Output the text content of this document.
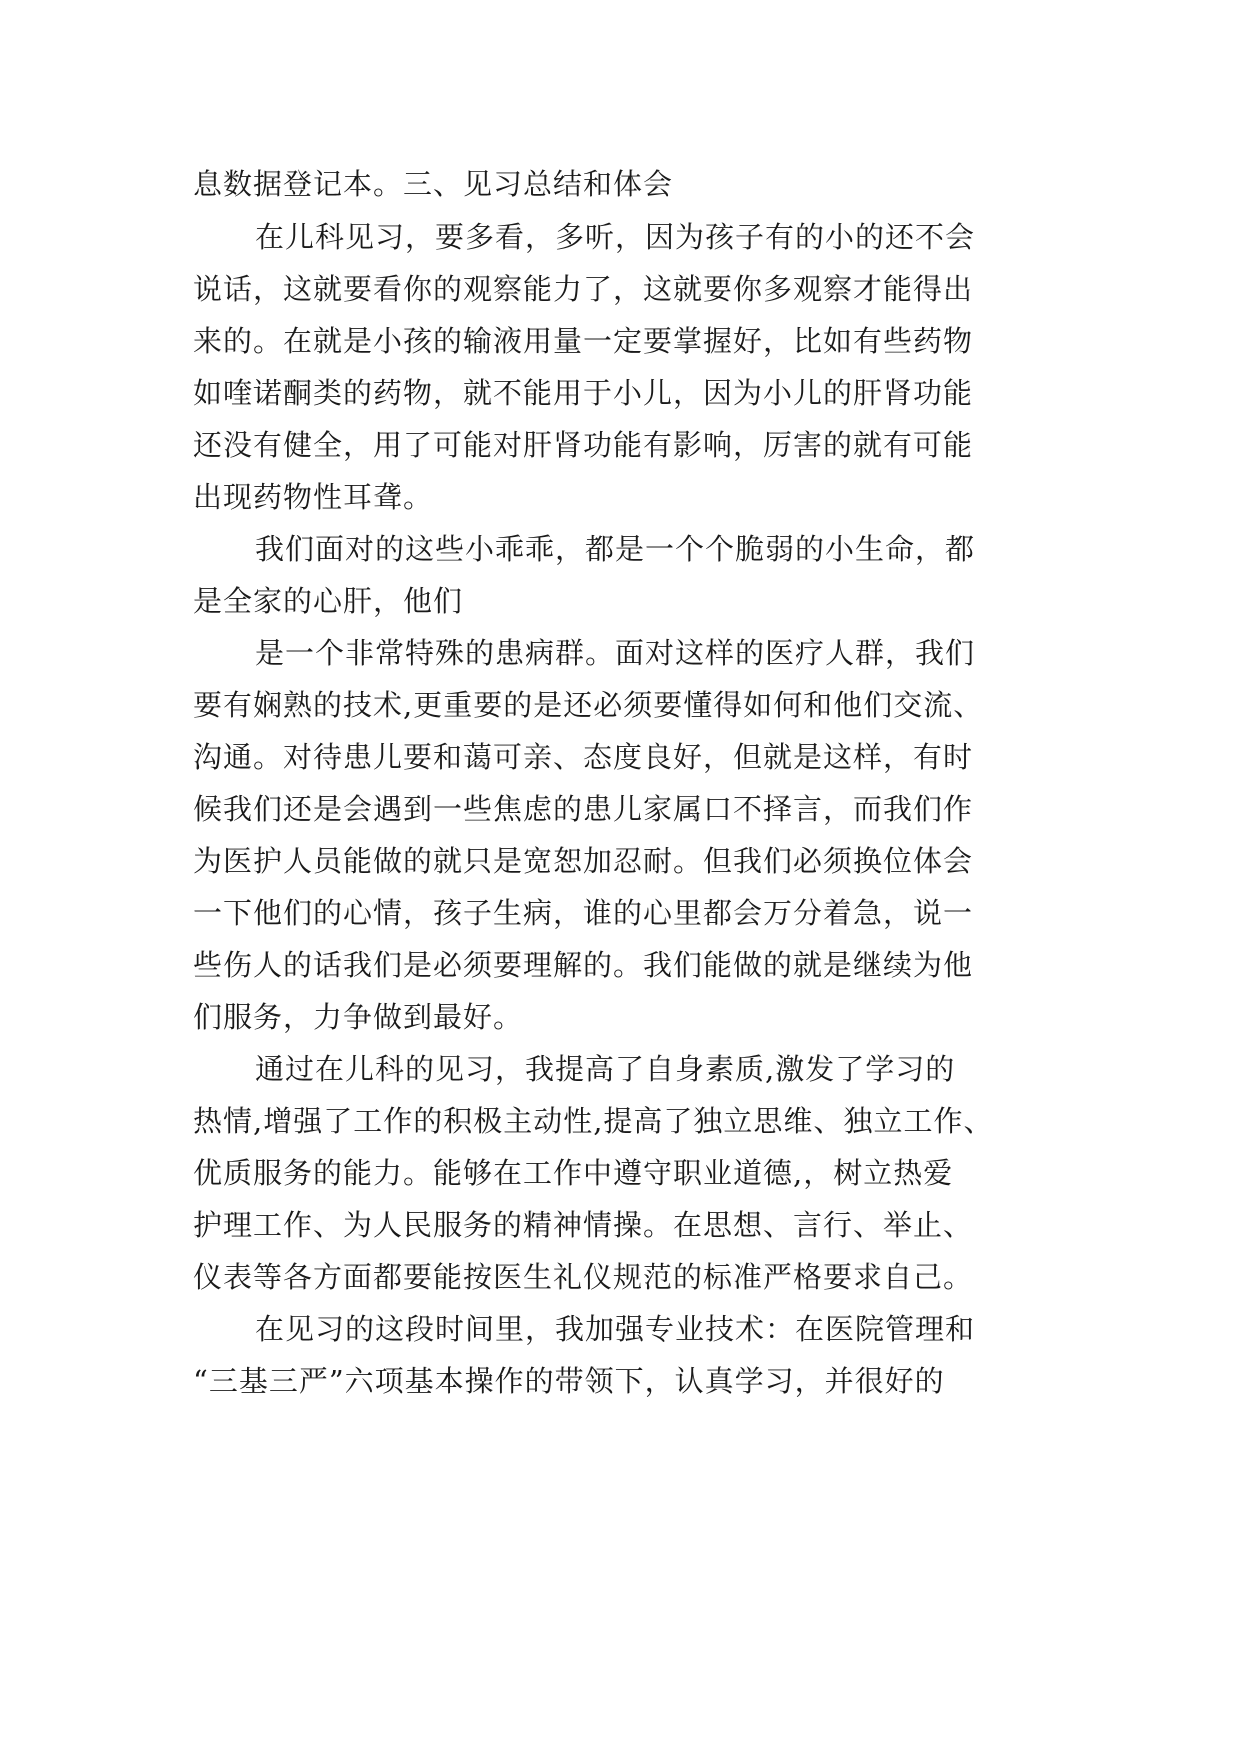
息数据登记本。三、见习总结和体会
在儿科见习，要多看，多听，因为孩子有的小的还不会
说话，这就要看你的观察能力了，这就要你多观察才能得出
来的。在就是小孩的输液用量一定要掌握好，比如有些药物
如喹诺酮类的药物，就不能用于小儿，因为小儿的肝肾功能
还没有健全，用了可能对肝肾功能有影响，厉害的就有可能
出现药物性耳聋。
我们面对的这些小乖乖，都是一个个脆弱的小生命，都
是全家的心肝，他们
是一个非常特殊的患病群。面对这样的医疗人群，我们
要有娴熟的技术,更重要的是还必须要懂得如何和他们交流、
沟通。对待患儿要和蔼可亲、态度良好，但就是这样，有时
候我们还是会遇到一些焦虑的患儿家属口不择言，而我们作
为医护人员能做的就只是宽恕加忍耐。但我们必须换位体会
一下他们的心情，孩子生病，谁的心里都会万分着急，说一
些伤人的话我们是必须要理解的。我们能做的就是继续为他
们服务，力争做到最好。
通过在儿科的见习，我提高了自身素质,激发了学习的
热情,增强了工作的积极主动性,提高了独立思维、独立工作、
优质服务的能力。能够在工作中遵守职业道德,，树立热爱
护理工作、为人民服务的精神情操。在思想、言行、举止、
仪表等各方面都要能按医生礼仪规范的标准严格要求自己。
在见习的这段时间里，我加强专业技术：在医院管理和
“三基三严”六项基本操作的带领下，认真学习，并很好的
